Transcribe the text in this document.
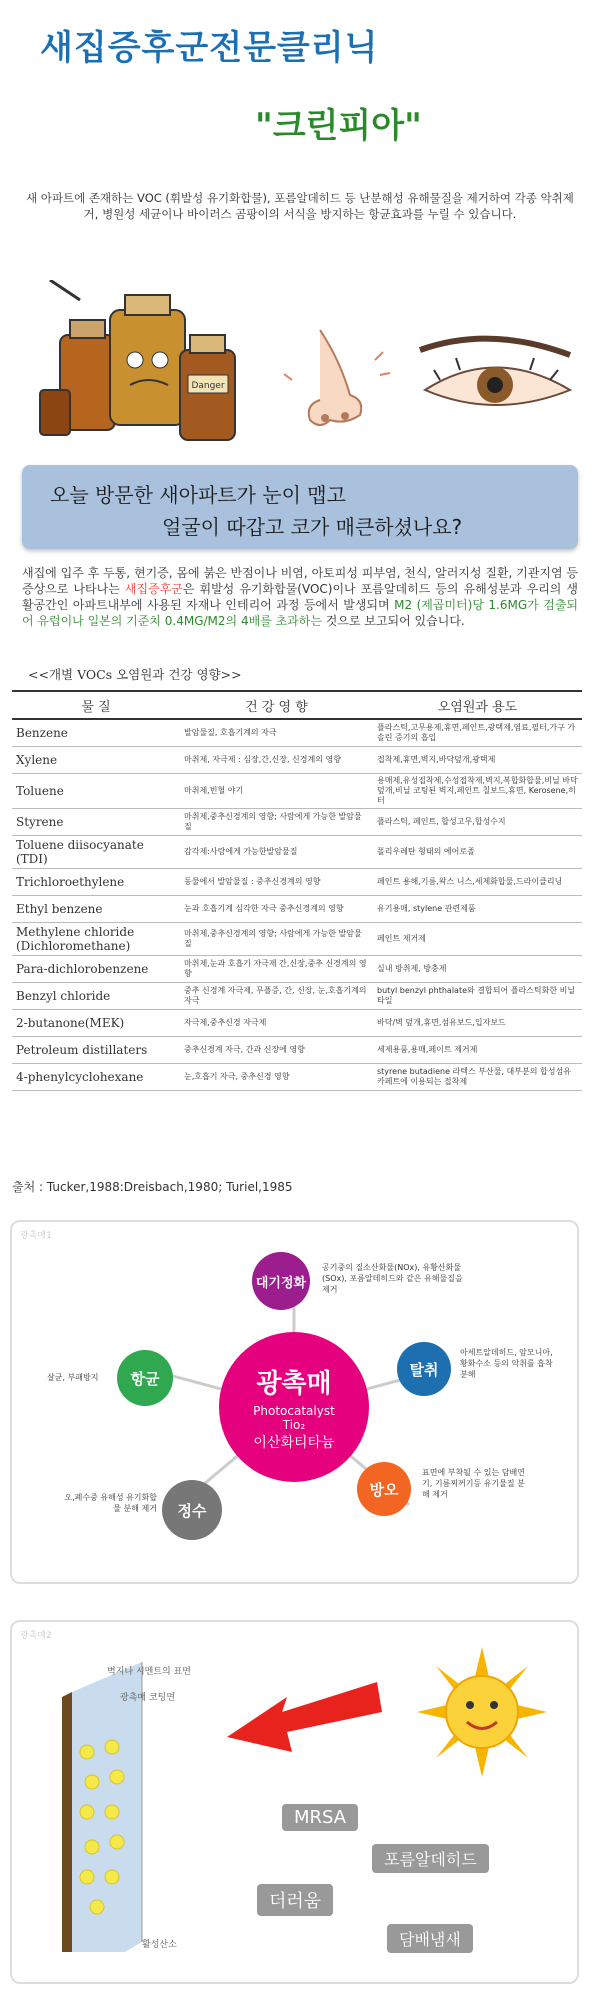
새집증후군전문클리닉
"크린피아"
새 아파트에 존재하는 VOC (휘발성 유기화합물), 포름알데히드 등 난분해성 유해물질을 제거하여 각종 악취제거, 병원성 세균이나 바이러스 곰팡이의 서식을 방지하는 항균효과를 누릴 수 있습니다.
Danger
오늘 방문한 새아파트가 눈이 맵고
얼굴이 따갑고 코가 매큰하셨나요?
새집에 입주 후 두통, 현기증, 몸에 붉은 반점이나 비염, 아토피성 피부염, 천식, 알러지성 질환, 기관지염 등 증상으로 나타나는 새집증후군은 휘발성 유기화합물(VOC)이나 포름알데히드 등의 유해성분과 우리의 생활공간인 아파트내부에 사용된 자재나 인테리어 과정 등에서 발생되며 M2 (제곱미터)당 1.6MG가 검출되어 유럽이나 일본의 기준치 0.4MG/M2의 4배를 초과하는 것으로 보고되어 있습니다.
<<개별 VOCs 오염원과 건강 영향>>
물 질	건 강 영 향	오염원과 용도
Benzene	발암물질, 호흡기계의 자극	플라스틱,고무용제,휴면,페인트,광택제,염료,필터,가구 가솔린 증기의 흡입
Xylene	마취제, 자극제 : 심장,간,신장, 신경계의 영향	접착제,휴면,벽지,바닥덮개,광택제
Toluene	마취제,빈혈 야기	용매제,유성접착제,수성접착제,벽지,복합화합물,비닐 바닥덮개,비닐 코팅된 벽지,페인트 칠보드,휴면, Kerosene,히터
Styrene	마취제,중추신경계의 영향; 사람에게 가능한 발암물질	플라스틱, 페인트, 합성고무,합성수지
Toluene diisocyanate (TDI)	감각제:사람에게 가능한발암물질	폴리우레탄 형태의 에어로졸
Trichloroethylene	동물에서 발암물질 : 중추신경계의 영향	페인트 용해,기름,왁스 니스,세제화합물,드라이클리닝
Ethyl benzene	눈과 호흡기계 심각한 자극 중추신경계의 영향	유기용매, stylene 관련제품
Methylene chloride (Dichloromethane)	마취제,중추신경계의 영향; 사람에게 가능한 발암물질	페인트 제거제
Para-dichlorobenzene	마취제,눈과 호흡기 자극제 간,신장,중추 신경계의 영향	실내 방취제, 방충제
Benzyl chloride	중추 신경계 자극제, 무플증, 간, 신장, 눈,호흡기계의 자극	butyl benzyl phthalate와 결합되어 플라스틱화한 비닐타일
2-butanone(MEK)	자극제,중추신경 자극제	바닥/벽 덮개,휴면,섬유보드,입자보드
Petroleum distillaters	중추신경계 자극, 간과 신장에 영향	세제용품,용매,페이트 제거제
4-phenylcyclohexane	눈,호흡기 자극, 중추신경 영향	styrene butadiene 라텍스 부산물, 대부분의 합성섬유 카페트에 이용되는 접착제
출처 : Tucker,1988:Dreisbach,1980; Turiel,1985
광촉매1
광촉매
Photocatalyst
Tio₂
이산화티타늄
대기정화
공기중의 질소산화물(NOx), 유황산화물(SOx), 포름알데히드와 같은 유해물질을 제거
탈취
아세트알데히드, 암모니아, 황화수소 등의 악취를 흡착 분해
방오
표면에 부착될 수 있는 담배연기, 기름찌꺼기등 유기물질 분해 제거
정수
오,폐수중 유해성 유기화합물 분해 제거
항균
살균, 부패방지
광촉매2
벽지나 시멘트의 표면
광촉매 코팅면
활성산소
자외선
MRSA
포름알데히드
더러움
담배냄새
